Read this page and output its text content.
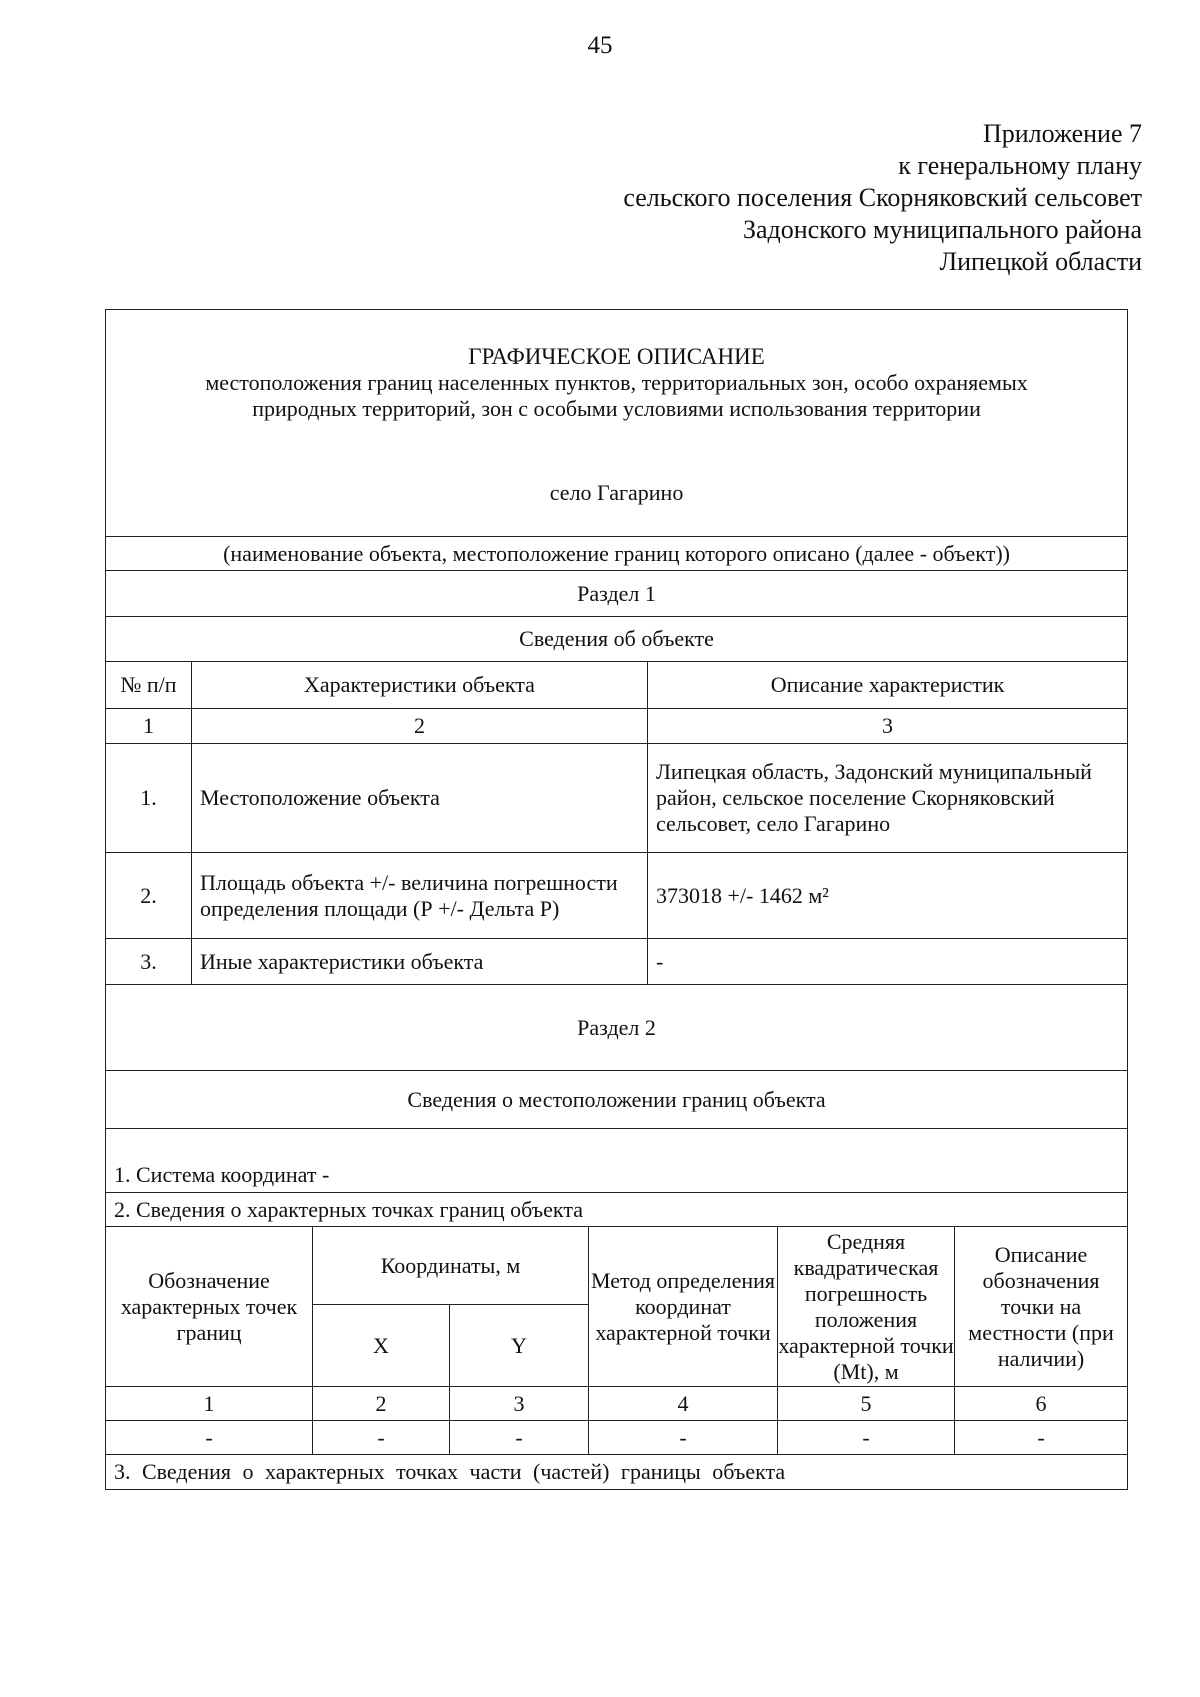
45
Приложение 7
к генеральному плану
сельского поселения Скорняковский сельсовет
Задонского муниципального района
Липецкой области
ГРАФИЧЕСКОЕ ОПИСАНИЕ
местоположения границ населенных пунктов, территориальных зон, особо охраняемых
природных территорий, зон с особыми условиями использования территории
село Гагарино							

(наименование объекта, местоположение границ которого описано (далее - объект))							
Раздел 1							
Сведения об объекте							
№ п/п	Характеристики объекта				Описание характеристик		
1	2				3		
1.	Местоположение объекта				Липецкая область, Задонский муниципальный район, сельское поселение Скорняковский сельсовет, село Гагарино		
2.	Площадь объекта +/- величина погрешности определения площади (Р +/- Дельта Р)				373018 +/- 1462 м²		
3.	Иные характеристики объекта				-		
Раздел 2							
Сведения о местоположении границ объекта							
1. Система координат -							
2. Сведения о характерных точках границ объекта							
Обозначение характерных точек границ		Координаты, м		Метод определения координат характерной точки		Средняя квадратическая погрешность положения характерной точки (Mt), м	Описание обозначения точки на местности (при наличии)
		X	Y				
1		2	3	4		5	6
-		-	-	-		-	-
3. Сведения о характерных точках части (частей) границы объекта							
